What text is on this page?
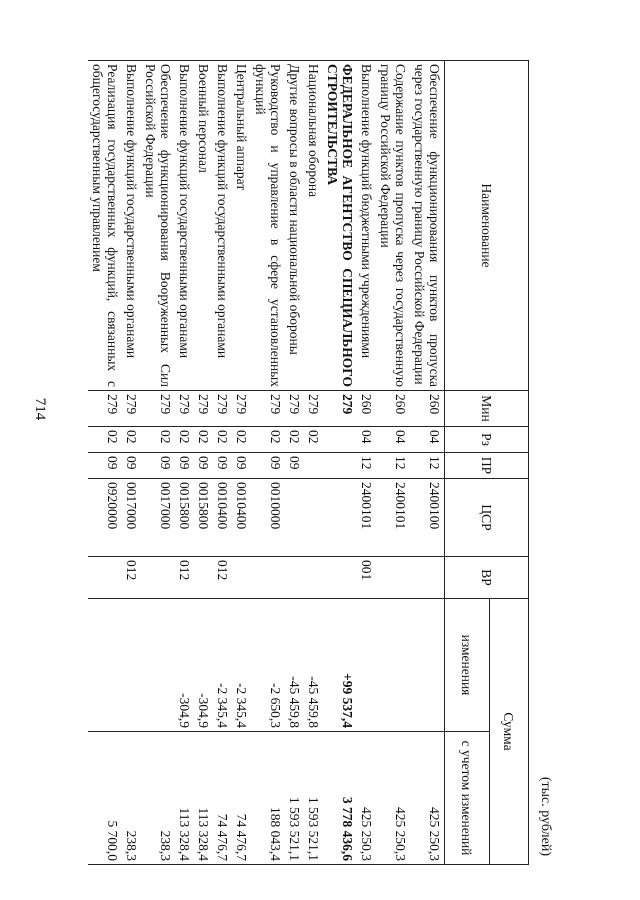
714
(тыс. рублей)
Наименование	Мин	Рз	ПР	ЦСР	ВР	Сумма	
						изменения	с учетом изменений
Обеспечение функционирования пунктов пропуска через государственную границу Российской Федерации	260	04	12	2400100			425 250,3
Содержание пунктов пропуска через государственную границу Российской Федерации	260	04	12	2400101			425 250,3
Выполнение функций бюджетными учреждениями	260	04	12	2400101	001		425 250,3
ФЕДЕРАЛЬНОЕ АГЕНТСТВО СПЕЦИАЛЬНОГО СТРОИТЕЛЬСТВА	279					+99 537,4	3 778 436,6
Национальная оборона	279	02				-45 459,8	1 593 521,1
Другие вопросы в области национальной обороны	279	02	09			-45 459,8	1 593 521,1
Руководство и управление в сфере установленных функций	279	02	09	0010000		-2 650,3	188 043,4
Центральный аппарат	279	02	09	0010400		-2 345,4	74 476,7
Выполнение функций государственными органами	279	02	09	0010400	012	-2 345,4	74 476,7
Военный персонал	279	02	09	0015800		-304,9	113 328,4
Выполнение функций государственными органами	279	02	09	0015800	012	-304,9	113 328,4
Обеспечение функционирования Вооруженных Сил Российской Федерации	279	02	09	0017000			238,3
Выполнение функций государственными органами	279	02	09	0017000	012		238,3
Реализация государственных функций, связанных с общегосударственным управлением	279	02	09	0920000			5 700,0
